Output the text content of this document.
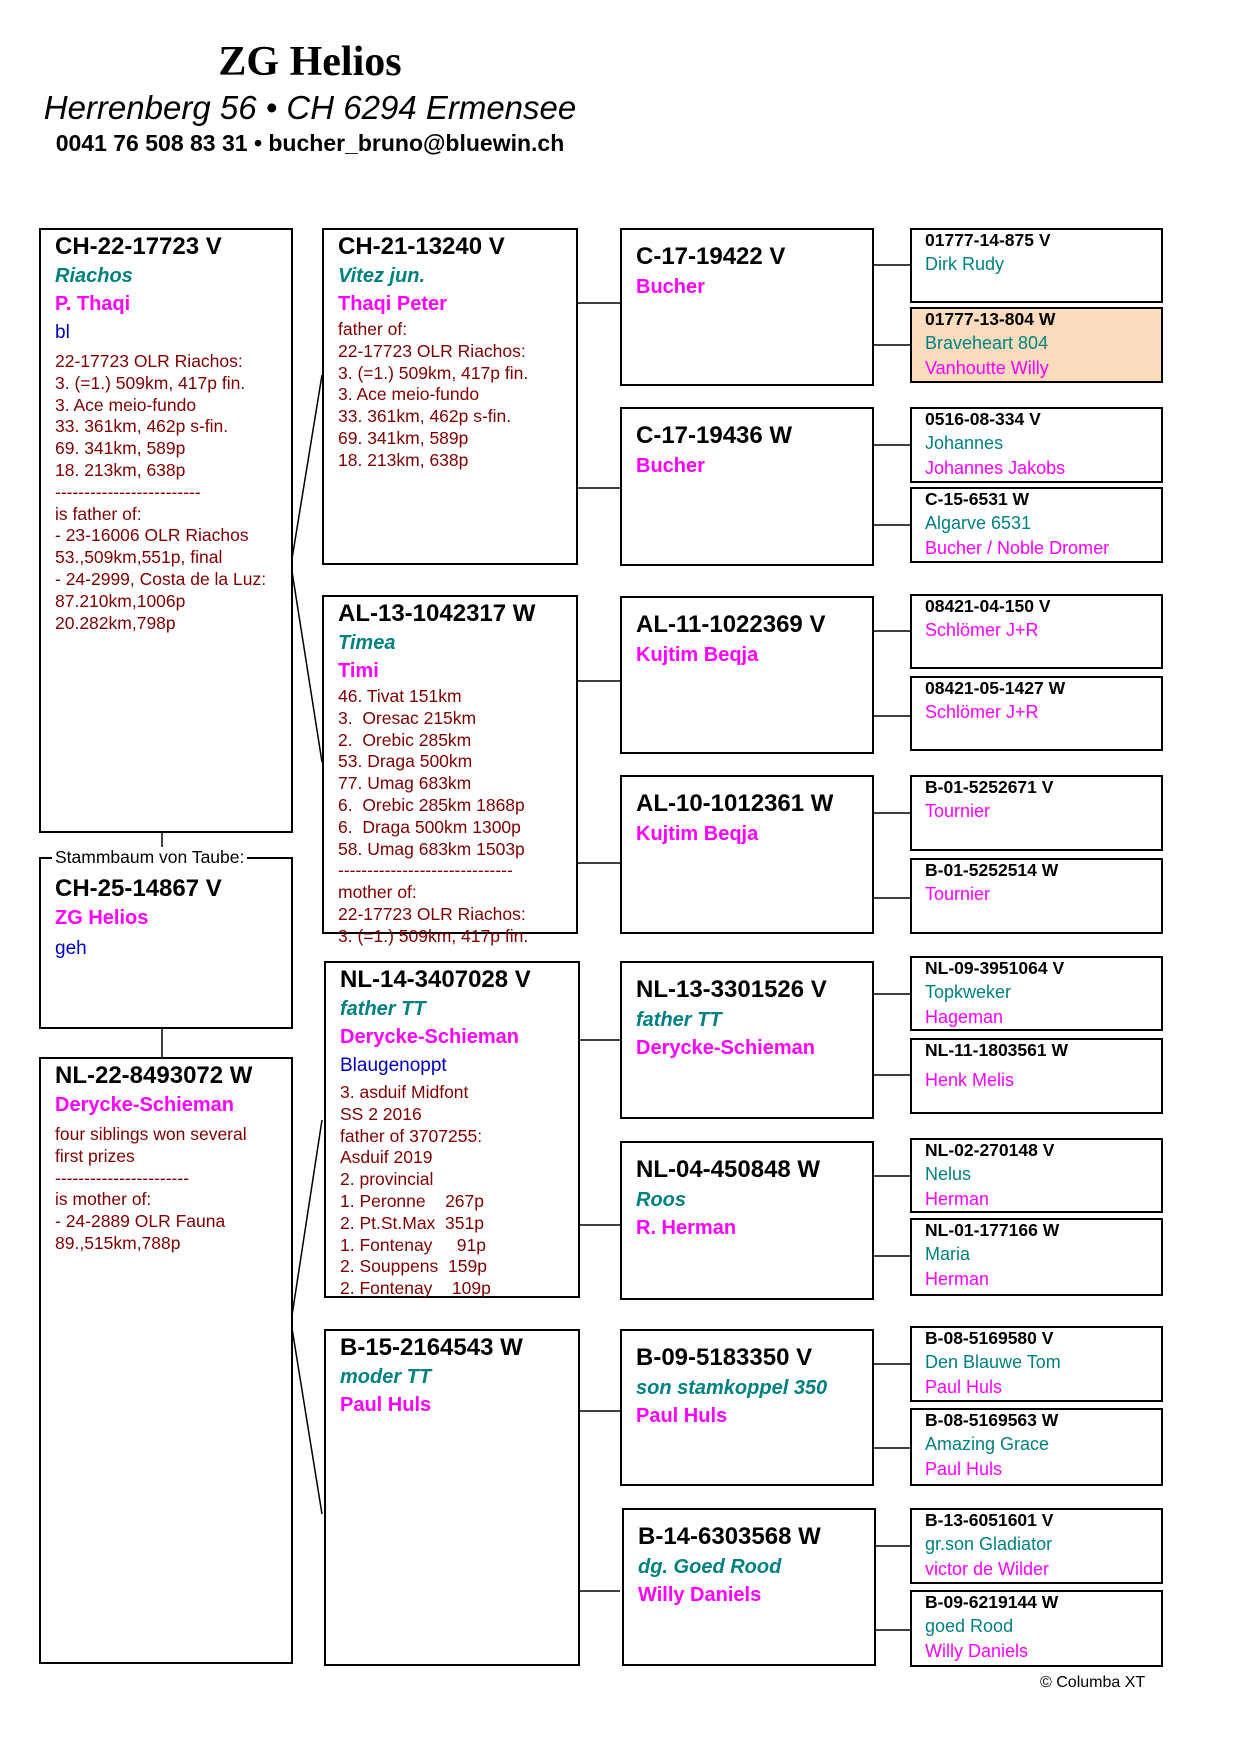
ZG Helios
Herrenberg 56 • CH 6294 Ermensee
0041 76 508 83 31 • bucher_bruno@bluewin.ch
CH-22-17723 V
Riachos
P. Thaqi
bl
22-17723 OLR Riachos:
3. (=1.) 509km, 417p fin.
3. Ace meio-fundo
33. 361km, 462p s-fin.
69. 341km, 589p
18. 213km, 638p
-------------------------
is father of:
- 23-16006 OLR Riachos
53.,509km,551p, final
- 24-2999, Costa de la Luz:
87.210km,1006p
20.282km,798p
CH-25-14867 V
ZG Helios
geh
Stammbaum von Taube:
NL-22-8493072 W
Derycke-Schieman
four siblings won several
first prizes
-----------------------
is mother of:
- 24-2889 OLR Fauna
89.,515km,788p
CH-21-13240 V
Vitez jun.
Thaqi Peter
father of:
22-17723 OLR Riachos:
3. (=1.) 509km, 417p fin.
3. Ace meio-fundo
33. 361km, 462p s-fin.
69. 341km, 589p
18. 213km, 638p
AL-13-1042317 W
Timea
Timi
46. Tivat 151km
3.  Oresac 215km
2.  Orebic 285km
53. Draga 500km
77. Umag 683km
6.  Orebic 285km 1868p
6.  Draga 500km 1300p
58. Umag 683km 1503p
------------------------------
mother of:
22-17723 OLR Riachos:
3. (=1.) 509km, 417p fin.
NL-14-3407028 V
father TT
Derycke-Schieman
Blaugenoppt
3. asduif Midfont
SS 2 2016
father of 3707255:
Asduif 2019
2. provincial
1. Peronne    267p
2. Pt.St.Max  351p
1. Fontenay     91p
2. Souppens  159p
2. Fontenay    109p
B-15-2164543 W
moder TT
Paul Huls
C-17-19422 V
Bucher
C-17-19436 W
Bucher
AL-11-1022369 V
Kujtim Beqja
AL-10-1012361 W
Kujtim Beqja
NL-13-3301526 V
father TT
Derycke-Schieman
NL-04-450848 W
Roos
R. Herman
B-09-5183350 V
son stamkoppel 350
Paul Huls
B-14-6303568 W
dg. Goed Rood
Willy Daniels
01777-14-875 V
Dirk Rudy
01777-13-804 W
Braveheart 804
Vanhoutte Willy
0516-08-334 V
Johannes
Johannes Jakobs
C-15-6531 W
Algarve 6531
Bucher / Noble Dromer
08421-04-150 V
Schlömer J+R
08421-05-1427 W
Schlömer J+R
B-01-5252671 V
Tournier
B-01-5252514 W
Tournier
NL-09-3951064 V
Topkweker
Hageman
NL-11-1803561 W
Henk Melis
NL-02-270148 V
Nelus
Herman
NL-01-177166 W
Maria
Herman
B-08-5169580 V
Den Blauwe Tom
Paul Huls
B-08-5169563 W
Amazing Grace
Paul Huls
B-13-6051601 V
gr.son Gladiator
victor de Wilder
B-09-6219144 W
goed Rood
Willy Daniels
© Columba XT
